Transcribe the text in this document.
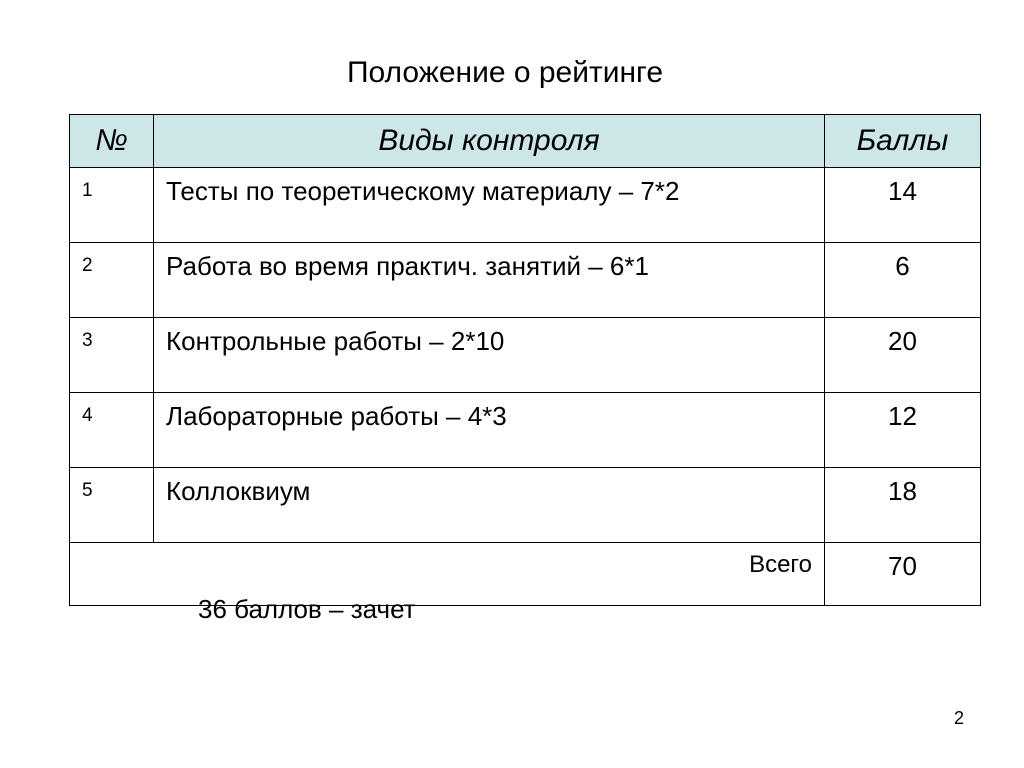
Положение о рейтинге
№	Виды контроля	Баллы
1	Тесты по теоретическому материалу – 7*2	14
2	Работа во время практич. занятий – 6*1	6
3	Контрольные работы – 2*10	20
4	Лабораторные работы – 4*3	12
5	Коллоквиум	18
Всего		70
36 баллов – зачет
2
